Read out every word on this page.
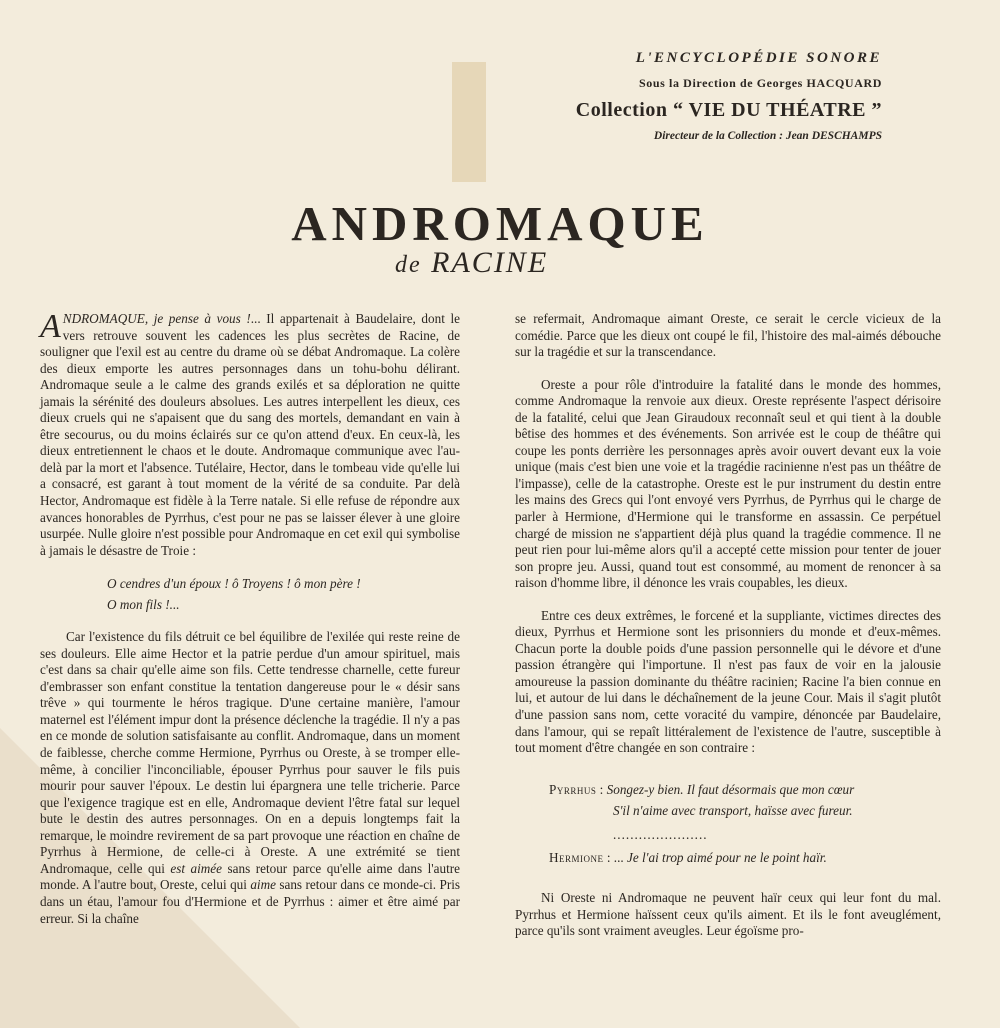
L'ENCYCLOPÉDIE SONORE

Sous la Direction de Georges HACQUARD

Collection “ VIE DU THÉATRE ”

Directeur de la Collection : Jean DESCHAMPS

ANDROMAQUE

de RACINE

ANDROMAQUE, je pense à vous !... Il appartenait à Baudelaire, dont le vers retrouve souvent les cadences les plus secrètes de Racine, de souligner que l'exil est au centre du drame où se débat Andromaque. La colère des dieux emporte les autres personnages dans un tohu-bohu délirant. Andromaque seule a le calme des grands exilés et sa déploration ne quitte jamais la sérénité des douleurs absolues. Les autres interpellent les dieux, ces dieux cruels qui ne s'apaisent que du sang des mortels, demandant en vain à être secourus, ou du moins éclairés sur ce qu'on attend d'eux. En ceux-là, les dieux entretiennent le chaos et le doute. Andromaque communique avec l'au-delà par la mort et l'absence. Tutélaire, Hector, dans le tombeau vide qu'elle lui a consacré, est garant à tout moment de la vérité de sa conduite. Par delà Hector, Andromaque est fidèle à la Terre natale. Si elle refuse de répondre aux avances honorables de Pyrrhus, c'est pour ne pas se laisser élever à une gloire usurpée. Nulle gloire n'est possible pour Andromaque en cet exil qui symbolise à jamais le désastre de Troie :

O cendres d'un époux ! ô Troyens ! ô mon père !
O mon fils !...

Car l'existence du fils détruit ce bel équilibre de l'exilée qui reste reine de ses douleurs. Elle aime Hector et la patrie perdue d'un amour spirituel, mais c'est dans sa chair qu'elle aime son fils. Cette tendresse charnelle, cette fureur d'embrasser son enfant constitue la tentation dangereuse pour le « désir sans trêve » qui tourmente le héros tragique. D'une certaine manière, l'amour maternel est l'élément impur dont la présence déclenche la tragédie. Il n'y a pas en ce monde de solution satisfaisante au conflit. Andromaque, dans un moment de faiblesse, cherche comme Hermione, Pyrrhus ou Oreste, à se tromper elle-même, à concilier l'inconciliable, épouser Pyrrhus pour sauver le fils puis mourir pour sauver l'époux. Le destin lui épargnera une telle tricherie. Parce que l'exigence tragique est en elle, Andromaque devient l'être fatal sur lequel bute le destin des autres personnages. On en a depuis longtemps fait la remarque, le moindre revirement de sa part provoque une réaction en chaîne de Pyrrhus à Hermione, de celle-ci à Oreste. A une extrémité se tient Andromaque, celle qui est aimée sans retour parce qu'elle aime dans l'autre monde. A l'autre bout, Oreste, celui qui aime sans retour dans ce monde-ci. Pris dans un étau, l'amour fou d'Hermione et de Pyrrhus : aimer et être aimé par erreur. Si la chaîne

se refermait, Andromaque aimant Oreste, ce serait le cercle vicieux de la comédie. Parce que les dieux ont coupé le fil, l'histoire des mal-aimés débouche sur la tragédie et sur la transcendance.

Oreste a pour rôle d'introduire la fatalité dans le monde des hommes, comme Andromaque la renvoie aux dieux. Oreste représente l'aspect dérisoire de la fatalité, celui que Jean Giraudoux reconnaît seul et qui tient à la double bêtise des hommes et des événements. Son arrivée est le coup de théâtre qui coupe les ponts derrière les personnages après avoir ouvert devant eux la voie unique (mais c'est bien une voie et la tragédie racinienne n'est pas un théâtre de l'impasse), celle de la catastrophe. Oreste est le pur instrument du destin entre les mains des Grecs qui l'ont envoyé vers Pyrrhus, de Pyrrhus qui le charge de parler à Hermione, d'Hermione qui le transforme en assassin. Ce perpétuel chargé de mission ne s'appartient déjà plus quand la tragédie commence. Il ne peut rien pour lui-même alors qu'il a accepté cette mission pour tenter de jouer son propre jeu. Aussi, quand tout est consommé, au moment de renoncer à sa raison d'homme libre, il dénonce les vrais coupables, les dieux.

Entre ces deux extrêmes, le forcené et la suppliante, victimes directes des dieux, Pyrrhus et Hermione sont les prisonniers du monde et d'eux-mêmes. Chacun porte la double poids d'une passion personnelle qui le dévore et d'une passion étrangère qui l'importune. Il n'est pas faux de voir en la jalousie amoureuse la passion dominante du théâtre racinien; Racine l'a bien connue en lui, et autour de lui dans le déchaînement de la jeune Cour. Mais il s'agit plutôt d'une passion sans nom, cette voracité du vampire, dénoncée par Baudelaire, dans l'amour, qui se repaît littéralement de l'existence de l'autre, susceptible à tout moment d'être changée en son contraire :

Pyrrhus : Songez-y bien. Il faut désormais que mon cœur

S'il n'aime avec transport, haïsse avec fureur.

......................

Hermione : ... Je l'ai trop aimé pour ne le point haïr.

Ni Oreste ni Andromaque ne peuvent haïr ceux qui leur font du mal. Pyrrhus et Hermione haïssent ceux qu'ils aiment. Et ils le font aveuglément, parce qu'ils sont vraiment aveugles. Leur égoïsme pro-
